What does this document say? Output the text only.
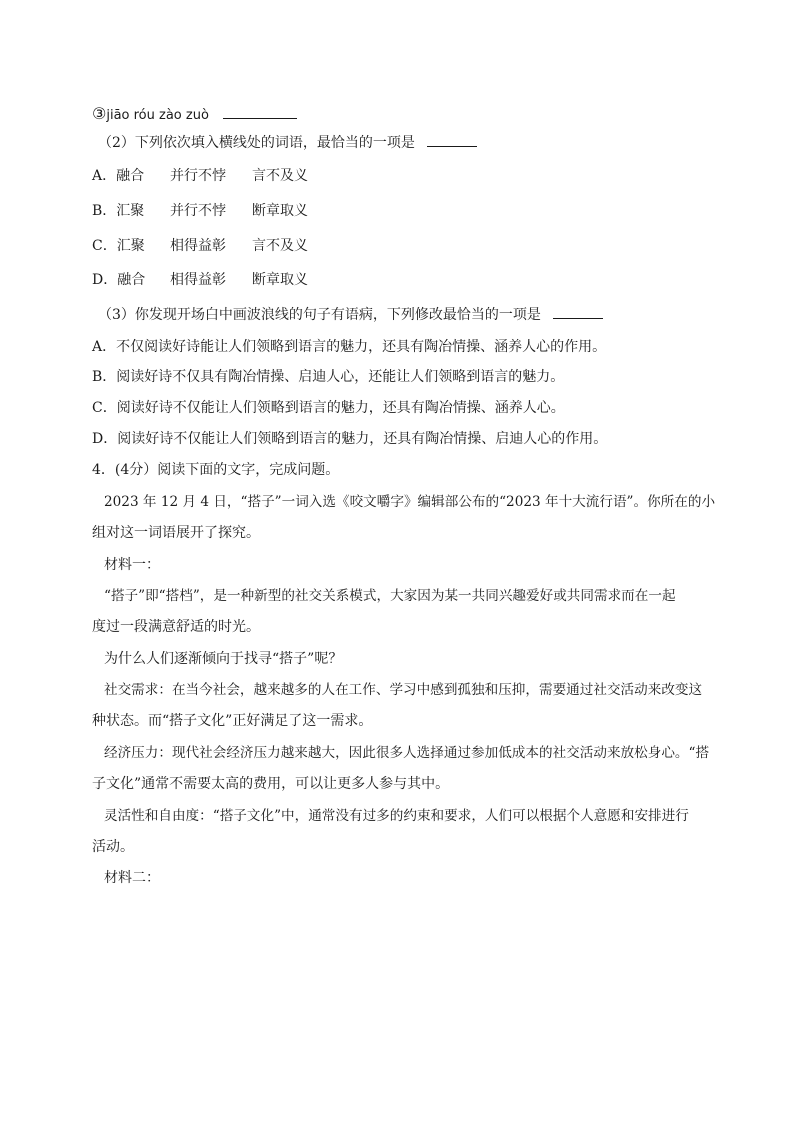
③jiāo róu zào zuò
（2）下列依次填入横线处的词语，最恰当的一项是
A．融合 并行不悖 言不及义
B．汇聚 并行不悖 断章取义
C．汇聚 相得益彰 言不及义
D．融合 相得益彰 断章取义
（3）你发现开场白中画波浪线的句子有语病，下列修改最恰当的一项是
A．不仅阅读好诗能让人们领略到语言的魅力，还具有陶冶情操、涵养人心的作用。
B．阅读好诗不仅具有陶冶情操、启迪人心，还能让人们领略到语言的魅力。
C．阅读好诗不仅能让人们领略到语言的魅力，还具有陶冶情操、涵养人心。
D．阅读好诗不仅能让人们领略到语言的魅力，还具有陶冶情操、启迪人心的作用。
4．(4分）阅读下面的文字，完成问题。
2023 年 12 月 4 日，“搭子”一词入选《咬文嚼字》编辑部公布的“2023 年十大流行语”。你所在的小
组对这一词语展开了探究。
材料一：
“搭子”即“搭档”，是一种新型的社交关系模式，大家因为某一共同兴趣爱好或共同需求而在一起
度过一段满意舒适的时光。
为什么人们逐渐倾向于找寻“搭子”呢？
社交需求：在当今社会，越来越多的人在工作、学习中感到孤独和压抑，需要通过社交活动来改变这
种状态。而“搭子文化”正好满足了这一需求。
经济压力：现代社会经济压力越来越大，因此很多人选择通过参加低成本的社交活动来放松身心。“搭
子文化”通常不需要太高的费用，可以让更多人参与其中。
灵活性和自由度：“搭子文化”中，通常没有过多的约束和要求，人们可以根据个人意愿和安排进行
活动。
材料二：
